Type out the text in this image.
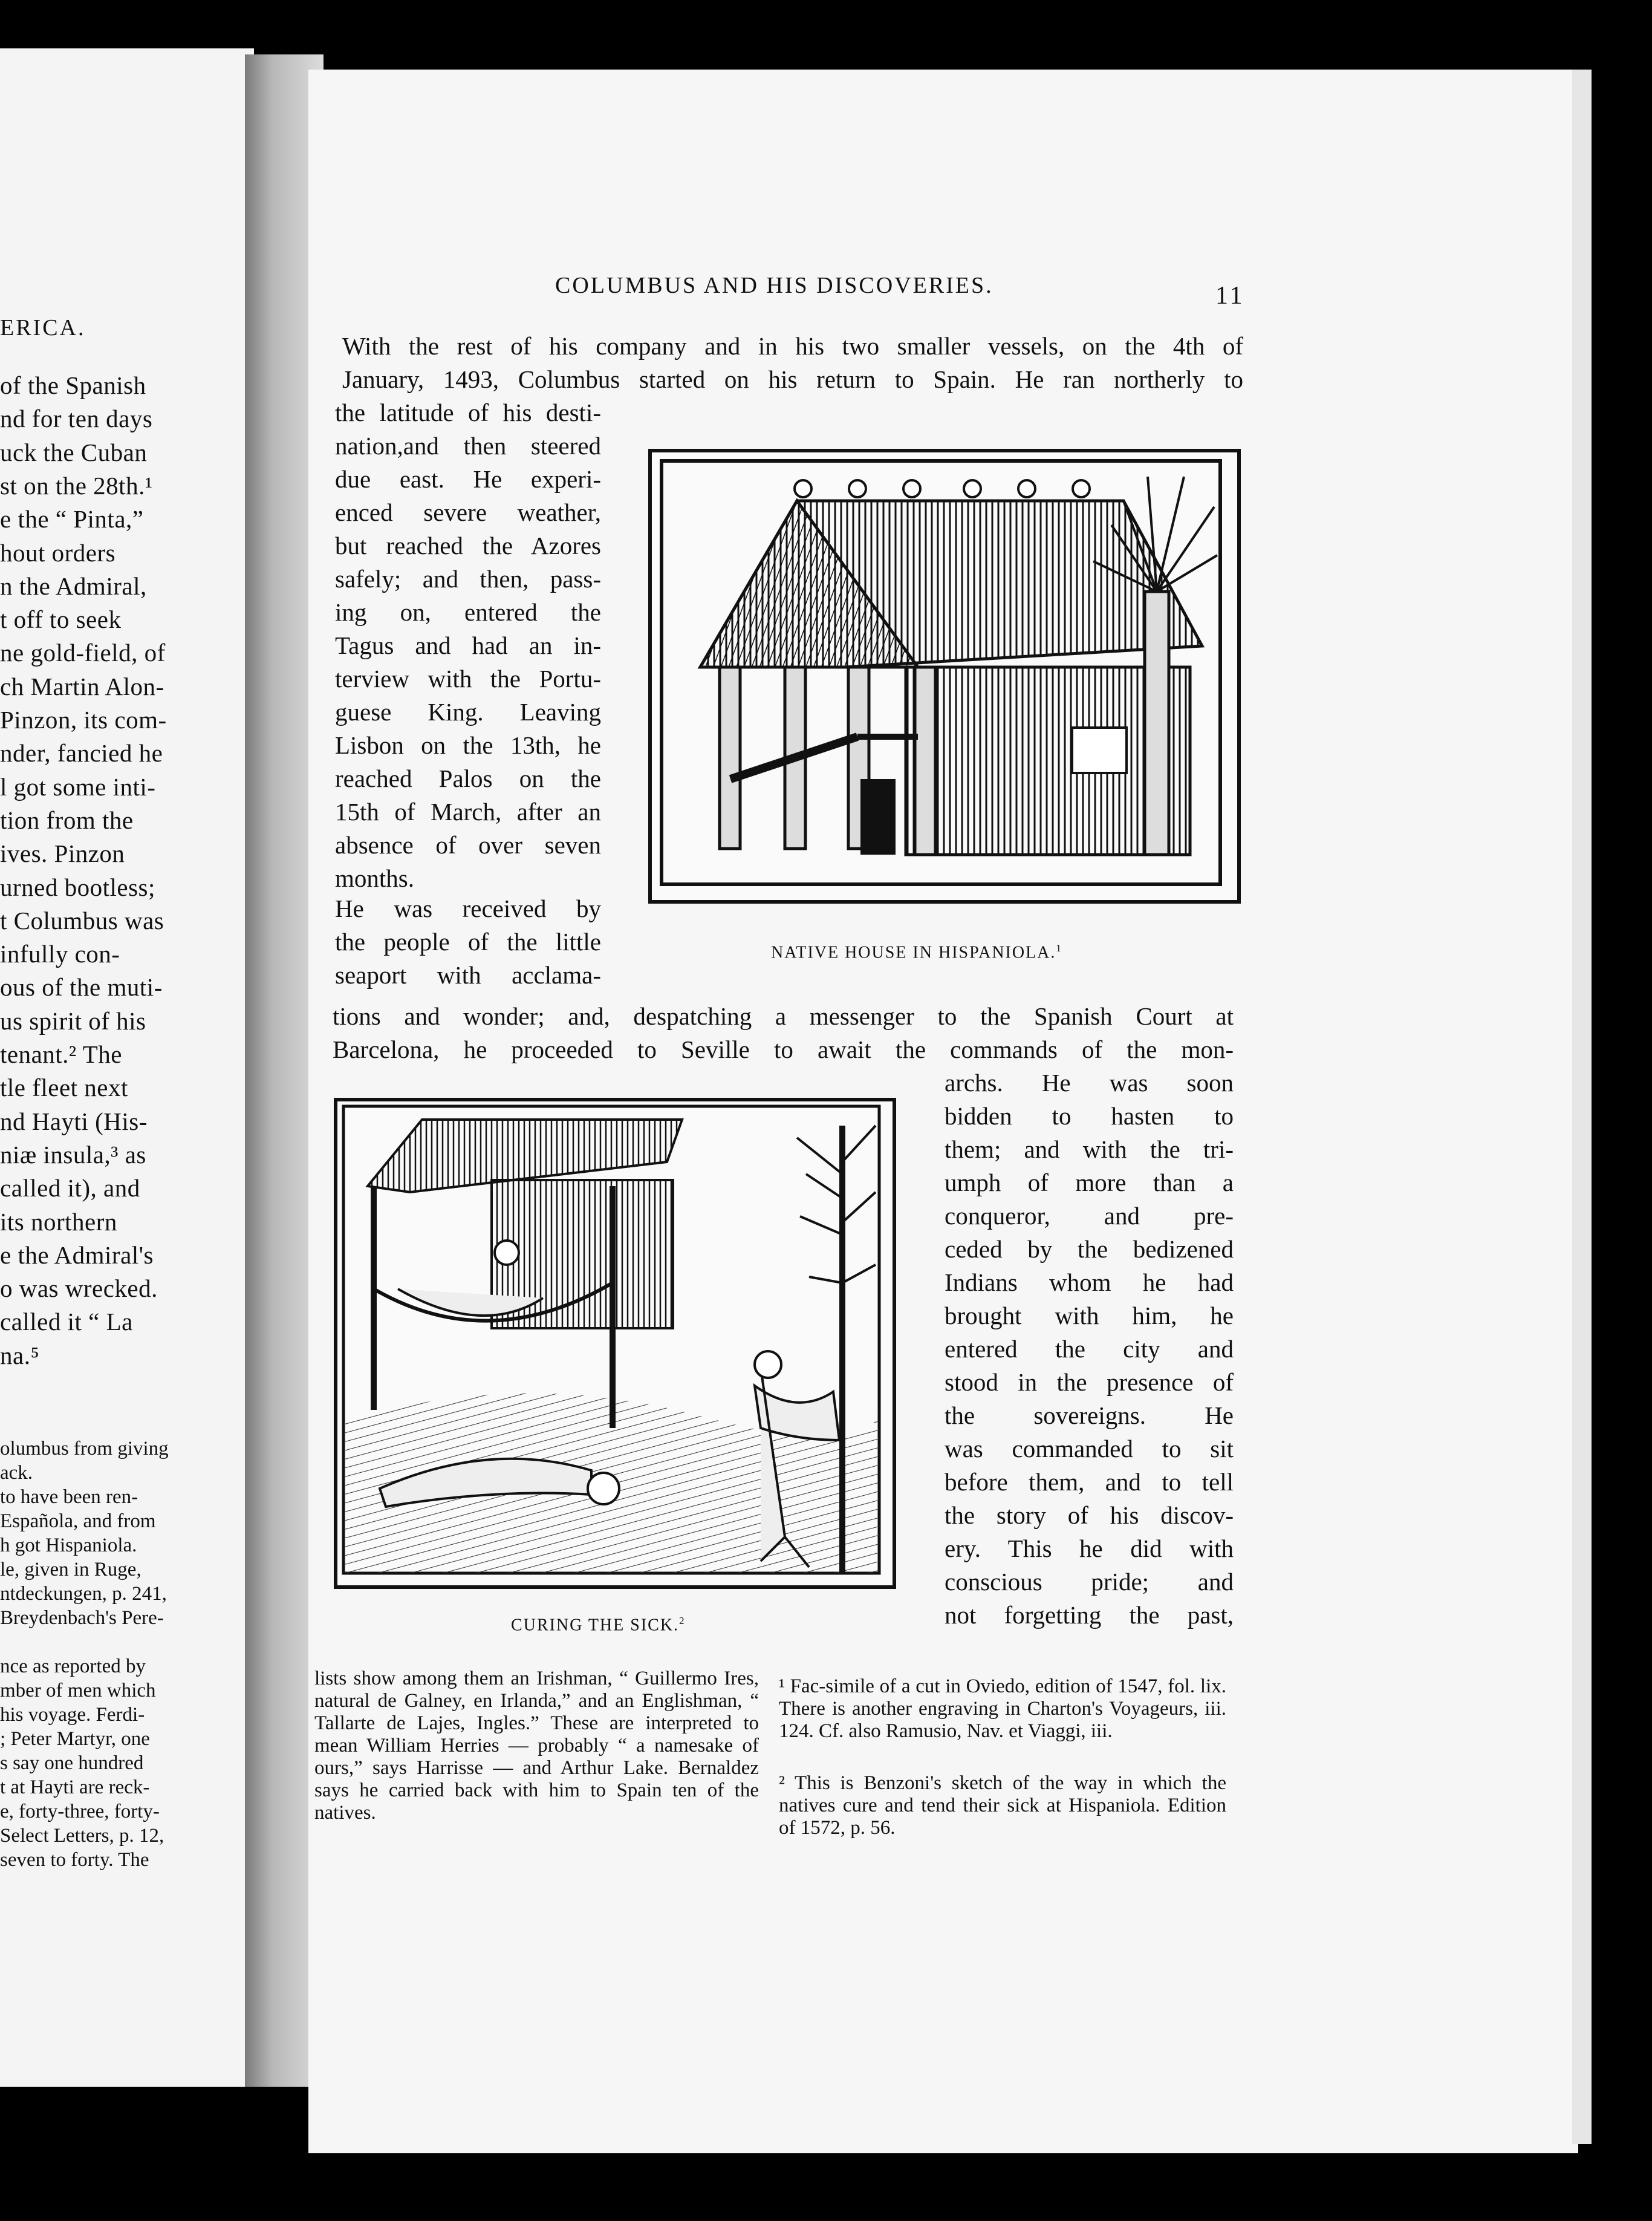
ERICA.
of the Spanish
nd for ten days
uck the Cuban
st on the 28th.¹
e the “ Pinta,”
hout orders
n the Admiral,
t off to seek
ne gold-field, of
ch Martin Alon-
Pinzon, its com-
nder, fancied he
l got some inti-
tion from the
ives. Pinzon
urned bootless;
t Columbus was
infully con-
ous of the muti-
us spirit of his
tenant.² The
tle fleet next
nd Hayti (His-
niæ insula,³ as
called it), and
its northern
e the Admiral's
o was wrecked.
called it “ La
na.⁵
olumbus from giving
ack.
to have been ren-
Española, and from
h got Hispaniola.
le, given in Ruge,
ntdeckungen, p. 241,
Breydenbach's Pere-
nce as reported by
mber of men which
his voyage. Ferdi-
; Peter Martyr, one
s say one hundred
t at Hayti are reck-
e, forty-three, forty-
Select Letters, p. 12,
seven to forty. The
COLUMBUS AND HIS DISCOVERIES.	11
With the rest of his company and in his two smaller vessels, on the 4th of
January, 1493, Columbus started on his return to Spain. He ran northerly to
the latitude of his desti-
nation,and then steered
due east. He experi-
enced severe weather,
but reached the Azores
safely; and then, pass-
ing on, entered the
Tagus and had an in-
terview with the Portu-
guese King. Leaving
Lisbon on the 13th, he
reached Palos on the
15th of March, after an
absence of over seven
months.
He was received by
the people of the little
seaport with acclama-
tions and wonder; and, despatching a messenger to the Spanish Court at
Barcelona, he proceeded to Seville to await the commands of the mon-
archs. He was soon
bidden to hasten to
them; and with the tri-
umph of more than a
conqueror, and pre-
ceded by the bedizened
Indians whom he had
brought with him, he
entered the city and
stood in the presence of
the sovereigns. He
was commanded to sit
before them, and to tell
the story of his discov-
ery. This he did with
conscious pride; and
not forgetting the past,
NATIVE HOUSE IN HISPANIOLA.$^1$
CURING THE SICK.$^2$
lists show among them an Irishman, “ Guillermo Ires, natural de Galney, en Irlanda,” and an Englishman, “ Tallarte de Lajes, Ingles.” These are interpreted to mean William Herries — probably “ a namesake of ours,” says Harrisse — and Arthur Lake. Bernaldez says he carried back with him to Spain ten of the natives.
¹ Fac-simile of a cut in Oviedo, edition of 1547, fol. lix. There is another engraving in Charton's Voyageurs, iii. 124. Cf. also Ramusio, Nav. et Viaggi, iii.
² This is Benzoni's sketch of the way in which the natives cure and tend their sick at Hispaniola. Edition of 1572, p. 56.
